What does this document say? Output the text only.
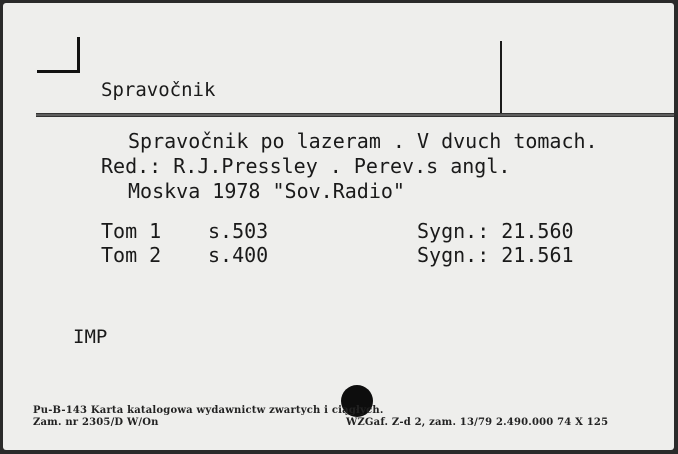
Spravočnik
Spravočnik po lazeram . V dvuch tomach.
Red.: R.J.Pressley . Perev.s angl.
Moskva 1978 "Sov.Radio"
Tom 1 s.503	Sygn.: 21.560
Tom 2 s.400	Sygn.: 21.561
IMP
Pu-B-143 Karta katalogowa wydawnictw zwartych i ciągłych.
Zam. nr 2305/D W/On	WZGaf. Z-d 2, zam. 13/79 2.490.000 74 X 125
